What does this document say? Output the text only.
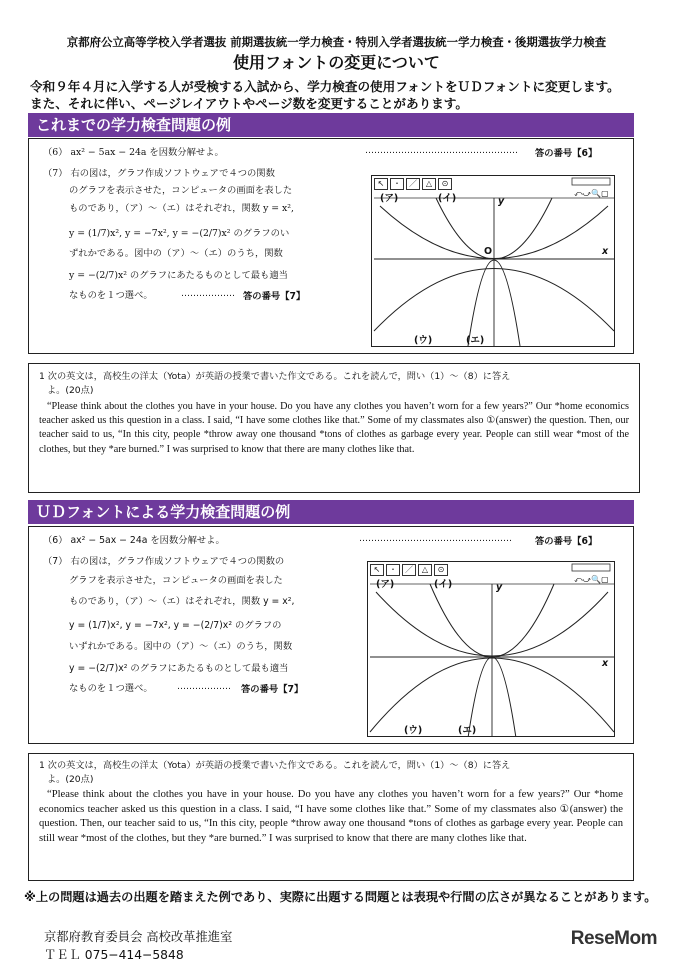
京都府公立高等学校入学者選抜 前期選抜統一学力検査・特別入学者選抜統一学力検査・後期選抜学力検査
使用フォントの変更について
令和９年４月に入学する人が受検する入試から、学力検査の使用フォントをＵＤフォントに変更します。
また、それに伴い、ページレイアウトやページ数を変更することがあります。
これまでの学力検査問題の例
（6） ax² − 5ax − 24a を因数分解せよ。	…………………………………………… 答の番号【6】
（7） 右の図は，グラフ作成ソフトウェアで４つの関数
のグラフを表示させた，コンピュータの画面を表した
ものであり，（ア）〜（エ）はそれぞれ，関数 y = x²,
y = (1/7)x², y = −7x², y = −(2/7)x² のグラフのい
ずれかである。図中の（ア）〜（エ）のうち，関数
y = −(2/7)x² のグラフにあたるものとして最も適当
なものを１つ選べ。	……………… 答の番号【7】
↖	・	／	△	⊙
⤺⤻🔍▢
(ア)	(イ)
(ウ)	(エ)
x
y
O
1 次の英文は，高校生の洋太（Yota）が英語の授業で書いた作文である。これを読んで，問い（1）〜（8）に答え
よ。(20点)
“Please think about the clothes you have in your house. Do you have any clothes you haven’t worn for a few years?” Our *home economics teacher asked us this question in a class. I said, “I have some clothes like that.” Some of my classmates also ①(answer) the question. Then, our teacher said to us, “In this city, people *throw away one thousand *tons of clothes as garbage every year. People can still wear *most of the clothes, but they *are burned.” I was surprised to know that there are many clothes like that.
ＵＤフォントによる学力検査問題の例
（6） ax² − 5ax − 24a を因数分解せよ。	…………………………………………… 答の番号【6】
（7） 右の図は，グラフ作成ソフトウェアで４つの関数の
グラフを表示させた，コンピュータの画面を表した
ものであり，（ア）〜（エ）はそれぞれ，関数 y = x²,
y = (1/7)x², y = −7x², y = −(2/7)x² のグラフの
いずれかである。図中の（ア）〜（エ）のうち，関数
y = −(2/7)x² のグラフにあたるものとして最も適当
なものを１つ選べ。	……………… 答の番号【7】
↖	・	／	△	⊙
⤺⤻🔍▢
(ア)	(イ)
(ウ)	(エ)
x
y
1 次の英文は，高校生の洋太（Yota）が英語の授業で書いた作文である。これを読んで，問い（1）〜（8）に答え
よ。(20点)
“Please think about the clothes you have in your house. Do you have any clothes you haven’t worn for a few years?” Our *home economics teacher asked us this question in a class. I said, “I have some clothes like that.” Some of my classmates also ①(answer) the question. Then, our teacher said to us, “In this city, people *throw away one thousand *tons of clothes as garbage every year. People can still wear *most of the clothes, but they *are burned.” I was surprised to know that there are many clothes like that.
※上の問題は過去の出題を踏まえた例であり、実際に出題する問題とは表現や行間の広さが異なることがあります。
京都府教育委員会 高校改革推進室
ＴＥＬ 075−414−5848
ReseMom
